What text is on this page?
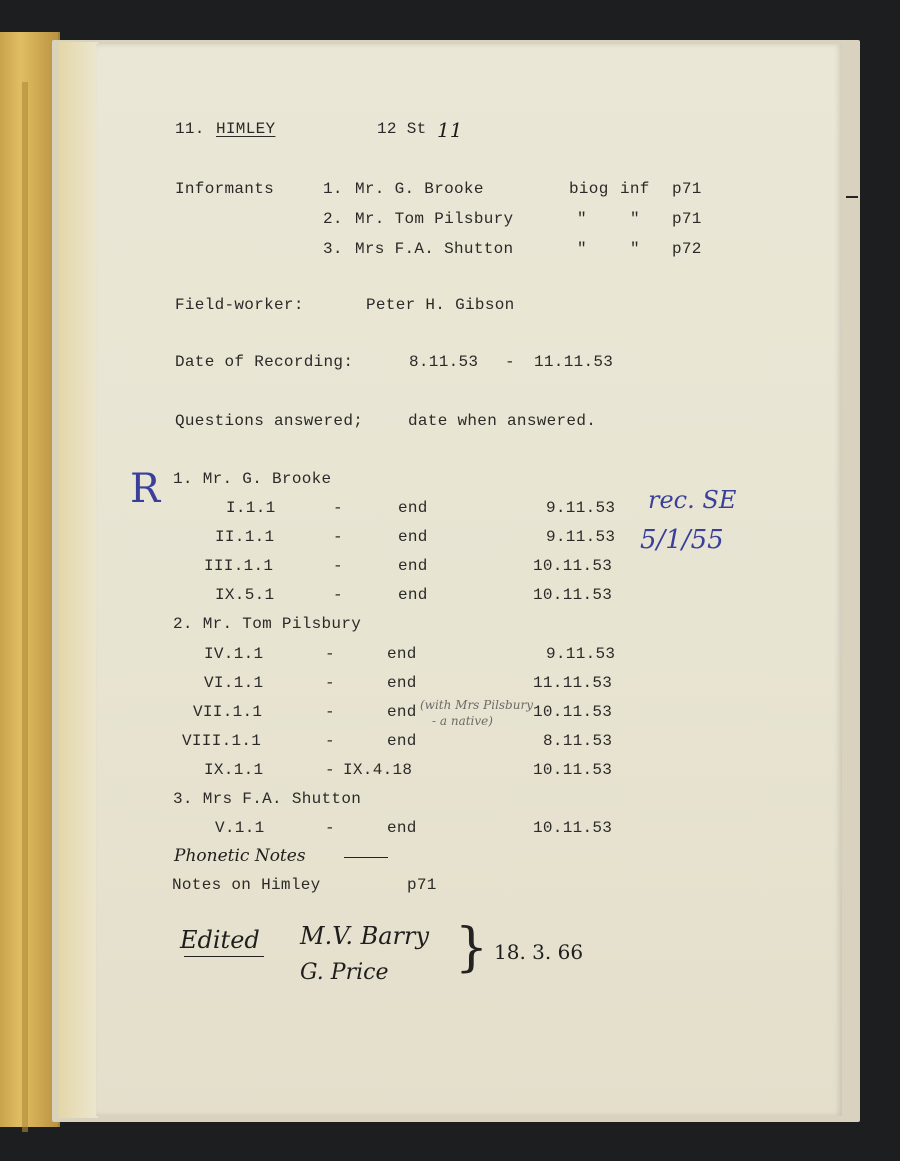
11. HIMLEY	12 St 11
Informants	1. Mr. G. Brooke	biog inf p71
2. Mr. Tom Pilsbury	"	" p71
3. Mrs F.A. Shutton	"	" p72
Field-worker:	Peter H. Gibson
Date of Recording:	8.11.53 - 11.11.53
Questions answered;	date when answered.
R	rec. SE
5/1/55
1. Mr. G. Brooke
I.1.1	-	end	9.11.53
II.1.1	-	end	9.11.53
III.1.1	-	end	10.11.53
IX.5.1	-	end	10.11.53
2. Mr. Tom Pilsbury
IV.1.1	-	end	9.11.53
VI.1.1	-	end	11.11.53
VII.1.1	-	end	10.11.53
VIII.1.1	-	end	8.11.53
IX.1.1	- IX.4.18	10.11.53
(with Mrs Pilsbury
- a native)
3. Mrs F.A. Shutton
V.1.1	-	end	10.11.53
Phonetic Notes
Notes on Himley	p71
Edited M.V. Barry
G. Price } 18. 3. 66
